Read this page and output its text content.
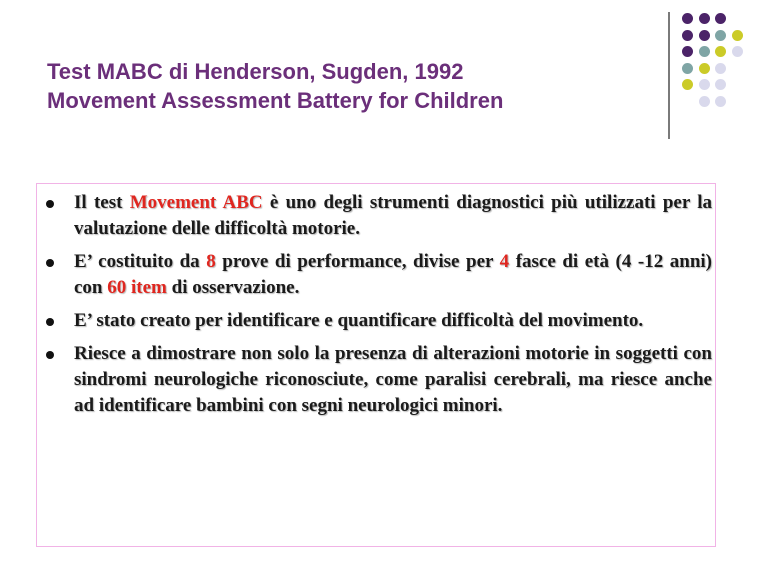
Test MABC di Henderson, Sugden, 1992
Movement Assessment Battery for Children
Il test Movement ABC è uno degli strumenti diagnostici più utilizzati per la valutazione delle difficoltà motorie.
E’ costituito da 8 prove di performance, divise per 4 fasce di età (4 -12 anni) con 60 item di osservazione.
E’ stato creato per identificare e quantificare difficoltà del movimento.
Riesce a dimostrare non solo la presenza di alterazioni motorie in soggetti con sindromi neurologiche riconosciute, come paralisi cerebrali, ma riesce anche ad identificare bambini con segni neurologici minori.
